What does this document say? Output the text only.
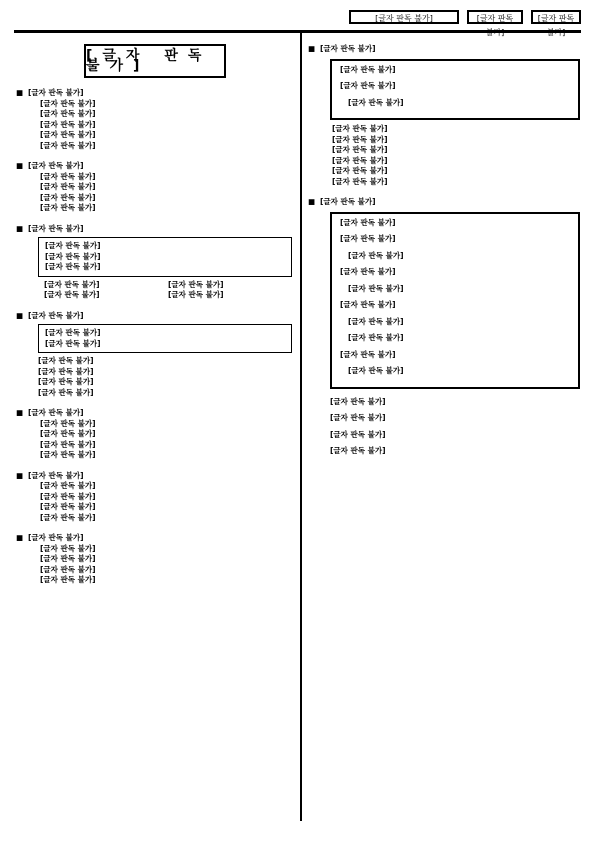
[글자 판독 불가]	[글자 판독	[글자 판독
[글자 판독 불가]
■ [글자 판독 불가]
[글자 판독 불가]
[글자 판독 불가]
[글자 판독 불가]
[글자 판독 불가]
[글자 판독 불가]
■ [글자 판독 불가]
[글자 판독 불가]
[글자 판독 불가]
[글자 판독 불가]
[글자 판독 불가]
■ [글자 판독 불가]
[글자 판독 불가]
[글자 판독 불가]
[글자 판독 불가]
[글자 판독 불가]	[글자 판독 불가]
[글자 판독 불가]	[글자 판독 불가]
■ [글자 판독 불가]
[글자 판독 불가]
[글자 판독 불가]
[글자 판독 불가]
[글자 판독 불가]
[글자 판독 불가]
[글자 판독 불가]
■ [글자 판독 불가]
[글자 판독 불가]
[글자 판독 불가]
[글자 판독 불가]
[글자 판독 불가]
■ [글자 판독 불가]
[글자 판독 불가]
[글자 판독 불가]
[글자 판독 불가]
[글자 판독 불가]
■ [글자 판독 불가]
[글자 판독 불가]
[글자 판독 불가]
[글자 판독 불가]
[글자 판독 불가]
■ [글자 판독 불가]

[글자 판독 불가]

[글자 판독 불가]

[글자 판독 불가]

[글자 판독 불가]
[글자 판독 불가]
[글자 판독 불가]
[글자 판독 불가]
[글자 판독 불가]
[글자 판독 불가]
■ [글자 판독 불가]

[글자 판독 불가]

[글자 판독 불가]

[글자 판독 불가]

[글자 판독 불가]

[글자 판독 불가]

[글자 판독 불가]

[글자 판독 불가]

[글자 판독 불가]

[글자 판독 불가]

[글자 판독 불가]

[글자 판독 불가]
[글자 판독 불가]
[글자 판독 불가]
[글자 판독 불가]
